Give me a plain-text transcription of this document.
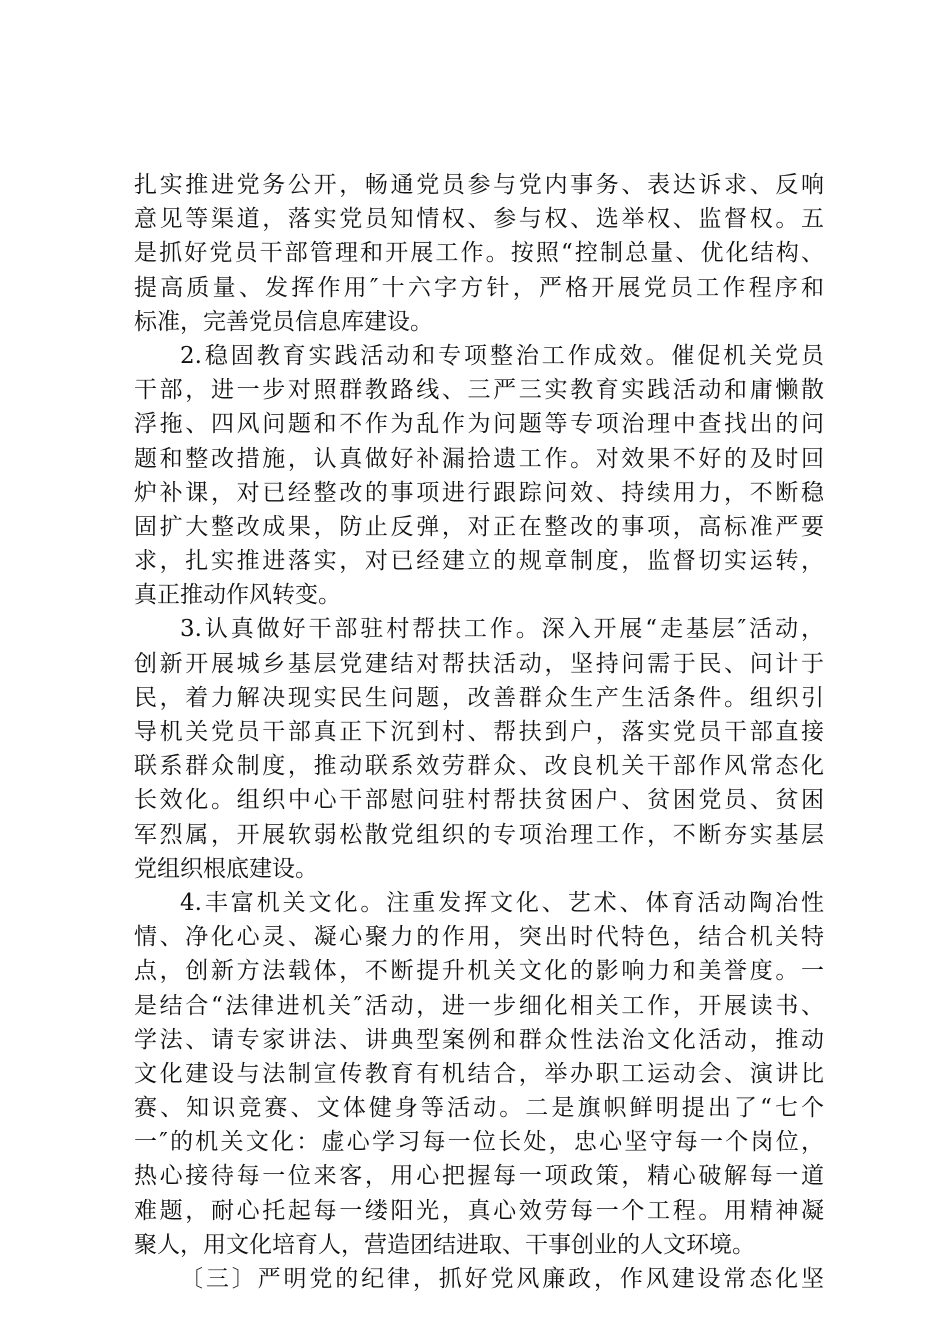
扎实推进党务公开，畅通党员参与党内事务、表达诉求、反响
意见等渠道，落实党员知情权、参与权、选举权、监督权。五
是抓好党员干部管理和开展工作。按照“控制总量、优化结构、
提高质量、发挥作用″十六字方针，严格开展党员工作程序和
标准，完善党员信息库建设。
2.稳固教育实践活动和专项整治工作成效。催促机关党员
干部，进一步对照群教路线、三严三实教育实践活动和庸懒散
浮拖、四风问题和不作为乱作为问题等专项治理中查找出的问
题和整改措施，认真做好补漏拾遗工作。对效果不好的及时回
炉补课，对已经整改的事项进行跟踪问效、持续用力，不断稳
固扩大整改成果，防止反弹，对正在整改的事项，高标准严要
求，扎实推进落实，对已经建立的规章制度，监督切实运转，
真正推动作风转变。
3.认真做好干部驻村帮扶工作。深入开展“走基层″活动，
创新开展城乡基层党建结对帮扶活动，坚持问需于民、问计于
民，着力解决现实民生问题，改善群众生产生活条件。组织引
导机关党员干部真正下沉到村、帮扶到户，落实党员干部直接
联系群众制度，推动联系效劳群众、改良机关干部作风常态化
长效化。组织中心干部慰问驻村帮扶贫困户、贫困党员、贫困
军烈属，开展软弱松散党组织的专项治理工作，不断夯实基层
党组织根底建设。
4.丰富机关文化。注重发挥文化、艺术、体育活动陶冶性
情、净化心灵、凝心聚力的作用，突出时代特色，结合机关特
点，创新方法载体，不断提升机关文化的影响力和美誉度。一
是结合“法律进机关″活动，进一步细化相关工作，开展读书、
学法、请专家讲法、讲典型案例和群众性法治文化活动，推动
文化建设与法制宣传教育有机结合，举办职工运动会、演讲比
赛、知识竞赛、文体健身等活动。二是旗帜鲜明提出了“七个
一″的机关文化：虚心学习每一位长处，忠心坚守每一个岗位，
热心接待每一位来客，用心把握每一项政策，精心破解每一道
难题，耐心托起每一缕阳光，真心效劳每一个工程。用精神凝
聚人，用文化培育人，营造团结进取、干事创业的人文环境。
〔三〕严明党的纪律，抓好党风廉政，作风建设常态化坚
